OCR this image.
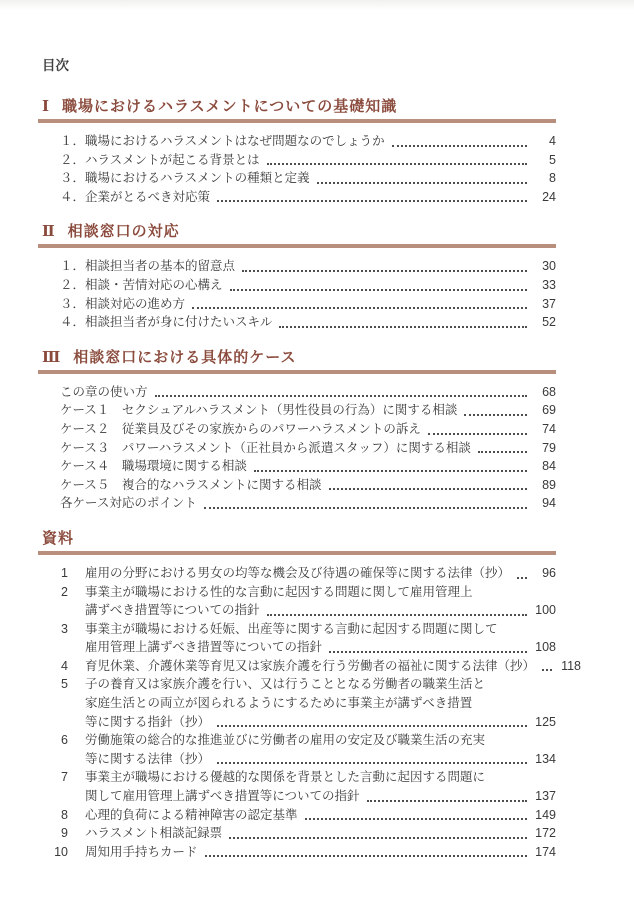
目次
Ⅰ 職場におけるハラスメントについての基礎知識
１．職場におけるハラスメントはなぜ問題なのでしょうか	4
２．ハラスメントが起こる背景とは	5
３．職場におけるハラスメントの種類と定義	8
４．企業がとるべき対応策	24
Ⅱ 相談窓口の対応
１．相談担当者の基本的留意点	30
２．相談・苦情対応の心構え	33
３．相談対応の進め方	37
４．相談担当者が身に付けたいスキル	52
Ⅲ 相談窓口における具体的ケース
この章の使い方	68
ケース１　セクシュアルハラスメント（男性役員の行為）に関する相談	69
ケース２　従業員及びその家族からのパワーハラスメントの訴え	74
ケース３　パワーハラスメント（正社員から派遣スタッフ）に関する相談	79
ケース４　職場環境に関する相談	84
ケース５　複合的なハラスメントに関する相談	89
各ケース対応のポイント	94
資料
1 雇用の分野における男女の均等な機会及び待遇の確保等に関する法律（抄）	96
2 事業主が職場における性的な言動に起因する問題に関して雇用管理上
講ずべき措置等についての指針	100
3 事業主が職場における妊娠、出産等に関する言動に起因する問題に関して
雇用管理上講ずべき措置等についての指針	108
4 育児休業、介護休業等育児又は家族介護を行う労働者の福祉に関する法律（抄）	118
5 子の養育又は家族介護を行い、又は行うこととなる労働者の職業生活と
家庭生活との両立が図られるようにするために事業主が講ずべき措置
等に関する指針（抄）	125
6 労働施策の総合的な推進並びに労働者の雇用の安定及び職業生活の充実
等に関する法律（抄）	134
7 事業主が職場における優越的な関係を背景とした言動に起因する問題に
関して雇用管理上講ずべき措置等についての指針	137
8 心理的負荷による精神障害の認定基準	149
9 ハラスメント相談記録票	172
10 周知用手持ちカード	174
